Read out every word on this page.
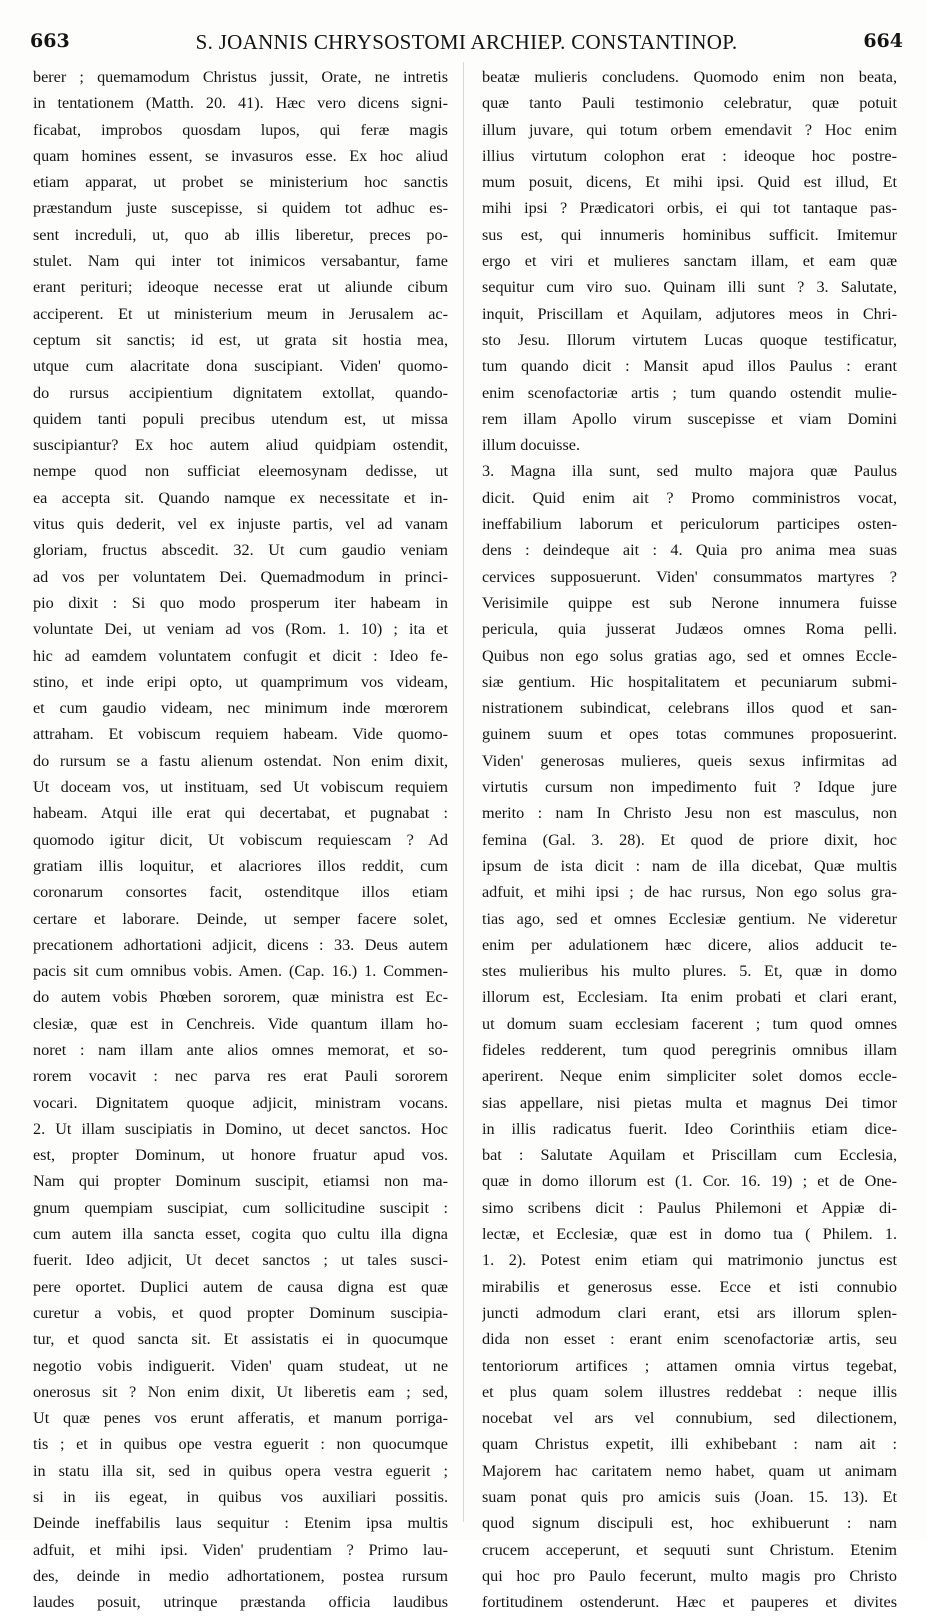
663	S. JOANNIS CHRYSOSTOMI ARCHIEP. CONSTANTINOP.	664
berer ; quemamodum Christus jussit, Orate, ne intretis
in tentationem (Matth. 20. 41). Hæc vero dicens signi-
ficabat, improbos quosdam lupos, qui feræ magis
quam homines essent, se invasuros esse. Ex hoc aliud
etiam apparat, ut probet se ministerium hoc sanctis
præstandum juste suscepisse, si quidem tot adhuc es-
sent increduli, ut, quo ab illis liberetur, preces po-
stulet. Nam qui inter tot inimicos versabantur, fame
erant perituri; ideoque necesse erat ut aliunde cibum
acciperent. Et ut ministerium meum in Jerusalem ac-
ceptum sit sanctis; id est, ut grata sit hostia mea,
utque cum alacritate dona suscipiant. Viden' quomo-
do rursus accipientium dignitatem extollat, quando-
quidem tanti populi precibus utendum est, ut missa
suscipiantur? Ex hoc autem aliud quidpiam ostendit,
nempe quod non sufficiat eleemosynam dedisse, ut
ea accepta sit. Quando namque ex necessitate et in-
vitus quis dederit, vel ex injuste partis, vel ad vanam
gloriam, fructus abscedit. 32. Ut cum gaudio veniam
ad vos per voluntatem Dei. Quemadmodum in princi-
pio dixit : Si quo modo prosperum iter habeam in
voluntate Dei, ut veniam ad vos (Rom. 1. 10) ; ita et
hic ad eamdem voluntatem confugit et dicit : Ideo fe-
stino, et inde eripi opto, ut quamprimum vos videam,
et cum gaudio videam, nec minimum inde mœrorem
attraham. Et vobiscum requiem habeam. Vide quomo-
do rursum se a fastu alienum ostendat. Non enim dixit,
Ut doceam vos, ut instituam, sed Ut vobiscum requiem
habeam. Atqui ille erat qui decertabat, et pugnabat :
quomodo igitur dicit, Ut vobiscum requiescam ? Ad
gratiam illis loquitur, et alacriores illos reddit, cum
coronarum consortes facit, ostenditque illos etiam
certare et laborare. Deinde, ut semper facere solet,
precationem adhortationi adjicit, dicens : 33. Deus autem
pacis sit cum omnibus vobis. Amen. (Cap. 16.) 1. Commen-
do autem vobis Phœben sororem, quæ ministra est Ec-
clesiæ, quæ est in Cenchreis. Vide quantum illam ho-
noret : nam illam ante alios omnes memorat, et so-
rorem vocavit : nec parva res erat Pauli sororem
vocari. Dignitatem quoque adjicit, ministram vocans.
2. Ut illam suscipiatis in Domino, ut decet sanctos. Hoc
est, propter Dominum, ut honore fruatur apud vos.
Nam qui propter Dominum suscipit, etiamsi non ma-
gnum quempiam suscipiat, cum sollicitudine suscipit :
cum autem illa sancta esset, cogita quo cultu illa digna
fuerit. Ideo adjicit, Ut decet sanctos ; ut tales susci-
pere oportet. Duplici autem de causa digna est quæ
curetur a vobis, et quod propter Dominum suscipia-
tur, et quod sancta sit. Et assistatis ei in quocumque
negotio vobis indiguerit. Viden' quam studeat, ut ne
onerosus sit ? Non enim dixit, Ut liberetis eam ; sed,
Ut quæ penes vos erunt afferatis, et manum porriga-
tis ; et in quibus ope vestra eguerit : non quocumque
in statu illa sit, sed in quibus opera vestra eguerit ;
si in iis egeat, in quibus vos auxiliari possitis.
Deinde ineffabilis laus sequitur : Etenim ipsa multis
adfuit, et mihi ipsi. Viden' prudentiam ? Primo lau-
des, deinde in medio adhortationem, postea rursum
laudes posuit, utrinque præstanda officia laudibus
beatæ mulieris concludens. Quomodo enim non beata,
quæ tanto Pauli testimonio celebratur, quæ potuit
illum juvare, qui totum orbem emendavit ? Hoc enim
illius virtutum colophon erat : ideoque hoc postre-
mum posuit, dicens, Et mihi ipsi. Quid est illud, Et
mihi ipsi ? Prædicatori orbis, ei qui tot tantaque pas-
sus est, qui innumeris hominibus sufficit. Imitemur
ergo et viri et mulieres sanctam illam, et eam quæ
sequitur cum viro suo. Quinam illi sunt ? 3. Salutate,
inquit, Priscillam et Aquilam, adjutores meos in Chri-
sto Jesu. Illorum virtutem Lucas quoque testificatur,
tum quando dicit : Mansit apud illos Paulus : erant
enim scenofactoriæ artis ; tum quando ostendit mulie-
rem illam Apollo virum suscepisse et viam Domini
illum docuisse.
3. Magna illa sunt, sed multo majora quæ Paulus
dicit. Quid enim ait ? Promo comministros vocat,
ineffabilium laborum et periculorum participes osten-
dens : deindeque ait : 4. Quia pro anima mea suas
cervices supposuerunt. Viden' consummatos martyres ?
Verisimile quippe est sub Nerone innumera fuisse
pericula, quia jusserat Judæos omnes Roma pelli.
Quibus non ego solus gratias ago, sed et omnes Eccle-
siæ gentium. Hic hospitalitatem et pecuniarum submi-
nistrationem subindicat, celebrans illos quod et san-
guinem suum et opes totas communes proposuerint.
Viden' generosas mulieres, queis sexus infirmitas ad
virtutis cursum non impedimento fuit ? Idque jure
merito : nam In Christo Jesu non est masculus, non
femina (Gal. 3. 28). Et quod de priore dixit, hoc
ipsum de ista dicit : nam de illa dicebat, Quæ multis
adfuit, et mihi ipsi ; de hac rursus, Non ego solus gra-
tias ago, sed et omnes Ecclesiæ gentium. Ne videretur
enim per adulationem hæc dicere, alios adducit te-
stes mulieribus his multo plures. 5. Et, quæ in domo
illorum est, Ecclesiam. Ita enim probati et clari erant,
ut domum suam ecclesiam facerent ; tum quod omnes
fideles redderent, tum quod peregrinis omnibus illam
aperirent. Neque enim simpliciter solet domos eccle-
sias appellare, nisi pietas multa et magnus Dei timor
in illis radicatus fuerit. Ideo Corinthiis etiam dice-
bat : Salutate Aquilam et Priscillam cum Ecclesia,
quæ in domo illorum est (1. Cor. 16. 19) ; et de One-
simo scribens dicit : Paulus Philemoni et Appiæ di-
lectæ, et Ecclesiæ, quæ est in domo tua ( Philem. 1.
1. 2). Potest enim etiam qui matrimonio junctus est
mirabilis et generosus esse. Ecce et isti connubio
juncti admodum clari erant, etsi ars illorum splen-
dida non esset : erant enim scenofactoriæ artis, seu
tentoriorum artifices ; attamen omnia virtus tegebat,
et plus quam solem illustres reddebat : neque illis
nocebat vel ars vel connubium, sed dilectionem,
quam Christus expetit, illi exhibebant : nam ait :
Majorem hac caritatem nemo habet, quam ut animam
suam ponat quis pro amicis suis (Joan. 15. 13). Et
quod signum discipuli est, hoc exhibuerunt : nam
crucem acceperunt, et sequuti sunt Christum. Etenim
qui hoc pro Paulo fecerunt, multo magis pro Christo
fortitudinem ostenderunt. Hæc et pauperes et divites
